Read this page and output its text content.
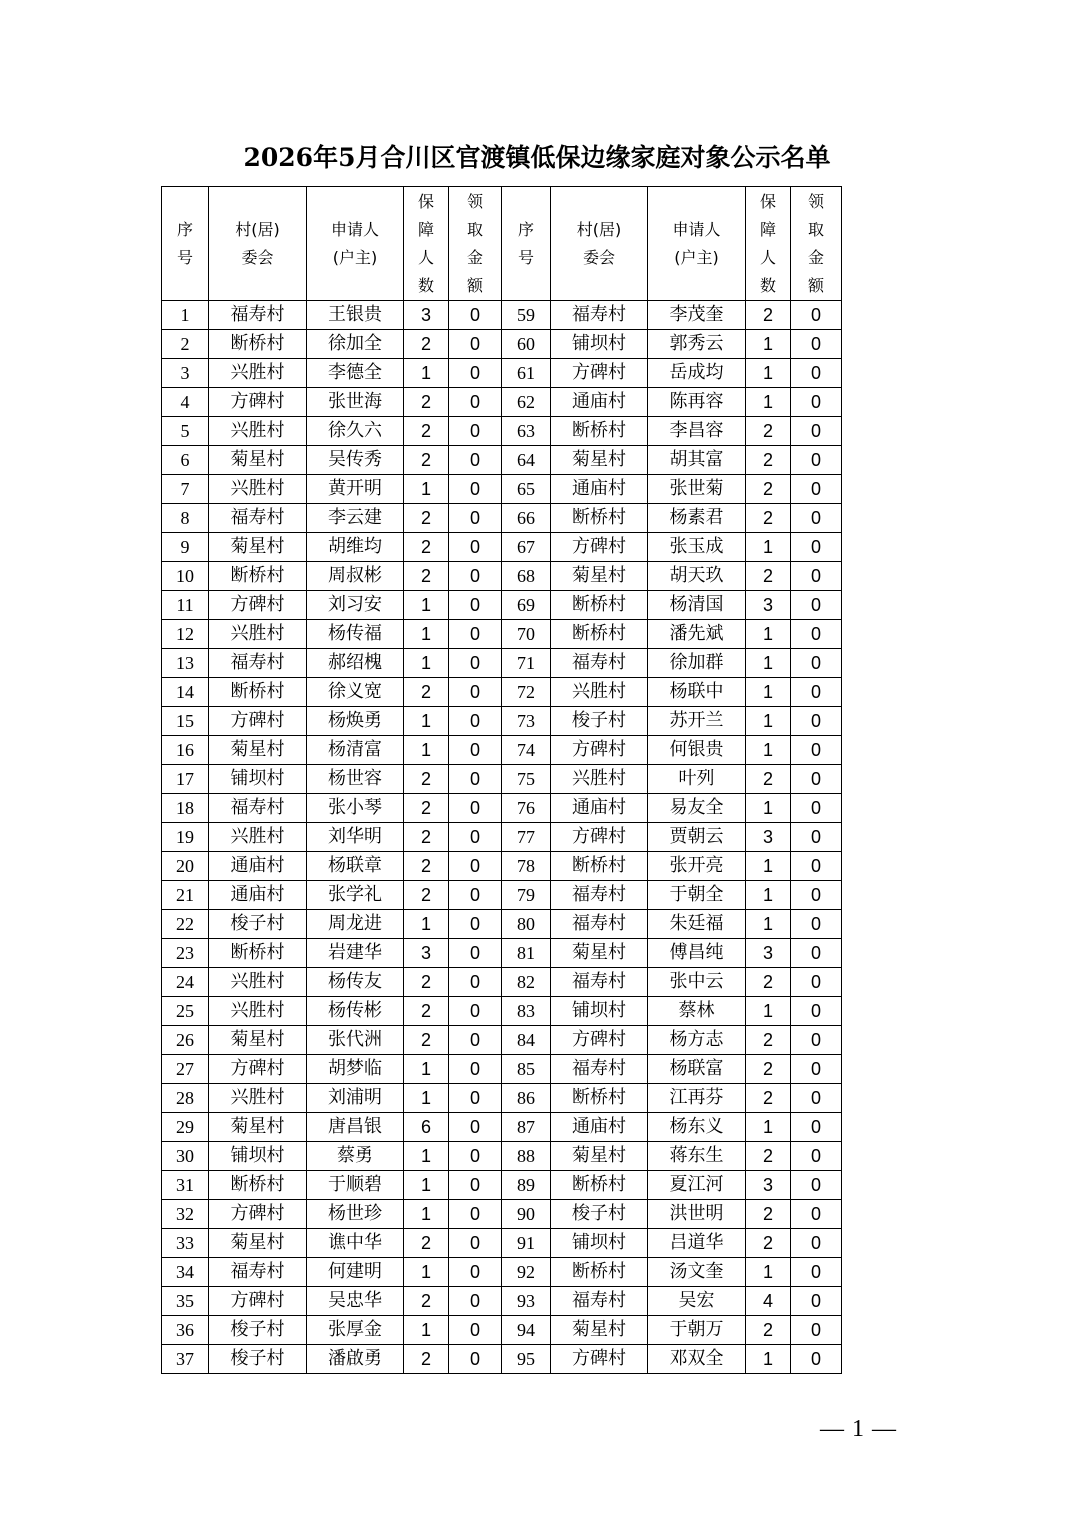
2026年5月合川区官渡镇低保边缘家庭对象公示名单
序
号	村(居)
委会	申请人
(户主)	保
障
人
数	领
取
金
额	序
号	村(居)
委会	申请人
(户主)	保
障
人
数	领
取
金
额

1	福寿村	王银贵	3	0	59	福寿村	李茂奎	2	0
2	断桥村	徐加全	2	0	60	铺坝村	郭秀云	1	0
3	兴胜村	李德全	1	0	61	方碑村	岳成均	1	0
4	方碑村	张世海	2	0	62	通庙村	陈再容	1	0
5	兴胜村	徐久六	2	0	63	断桥村	李昌容	2	0
6	菊星村	吴传秀	2	0	64	菊星村	胡其富	2	0
7	兴胜村	黄开明	1	0	65	通庙村	张世菊	2	0
8	福寿村	李云建	2	0	66	断桥村	杨素君	2	0
9	菊星村	胡维均	2	0	67	方碑村	张玉成	1	0
10	断桥村	周叔彬	2	0	68	菊星村	胡天玖	2	0
11	方碑村	刘习安	1	0	69	断桥村	杨清国	3	0
12	兴胜村	杨传福	1	0	70	断桥村	潘先斌	1	0
13	福寿村	郝绍槐	1	0	71	福寿村	徐加群	1	0
14	断桥村	徐义宽	2	0	72	兴胜村	杨联中	1	0
15	方碑村	杨焕勇	1	0	73	梭子村	苏开兰	1	0
16	菊星村	杨清富	1	0	74	方碑村	何银贵	1	0
17	铺坝村	杨世容	2	0	75	兴胜村	叶列	2	0
18	福寿村	张小琴	2	0	76	通庙村	易友全	1	0
19	兴胜村	刘华明	2	0	77	方碑村	贾朝云	3	0
20	通庙村	杨联章	2	0	78	断桥村	张开亮	1	0
21	通庙村	张学礼	2	0	79	福寿村	于朝全	1	0
22	梭子村	周龙进	1	0	80	福寿村	朱廷福	1	0
23	断桥村	岩建华	3	0	81	菊星村	傅昌纯	3	0
24	兴胜村	杨传友	2	0	82	福寿村	张中云	2	0
25	兴胜村	杨传彬	2	0	83	铺坝村	蔡林	1	0
26	菊星村	张代洲	2	0	84	方碑村	杨方志	2	0
27	方碑村	胡梦临	1	0	85	福寿村	杨联富	2	0
28	兴胜村	刘浦明	1	0	86	断桥村	江再芬	2	0
29	菊星村	唐昌银	6	0	87	通庙村	杨东义	1	0
30	铺坝村	蔡勇	1	0	88	菊星村	蒋东生	2	0
31	断桥村	于顺碧	1	0	89	断桥村	夏江河	3	0
32	方碑村	杨世珍	1	0	90	梭子村	洪世明	2	0
33	菊星村	谯中华	2	0	91	铺坝村	吕道华	2	0
34	福寿村	何建明	1	0	92	断桥村	汤文奎	1	0
35	方碑村	吴忠华	2	0	93	福寿村	吴宏	4	0
36	梭子村	张厚金	1	0	94	菊星村	于朝万	2	0
37	梭子村	潘啟勇	2	0	95	方碑村	邓双全	1	0
— 1 —
